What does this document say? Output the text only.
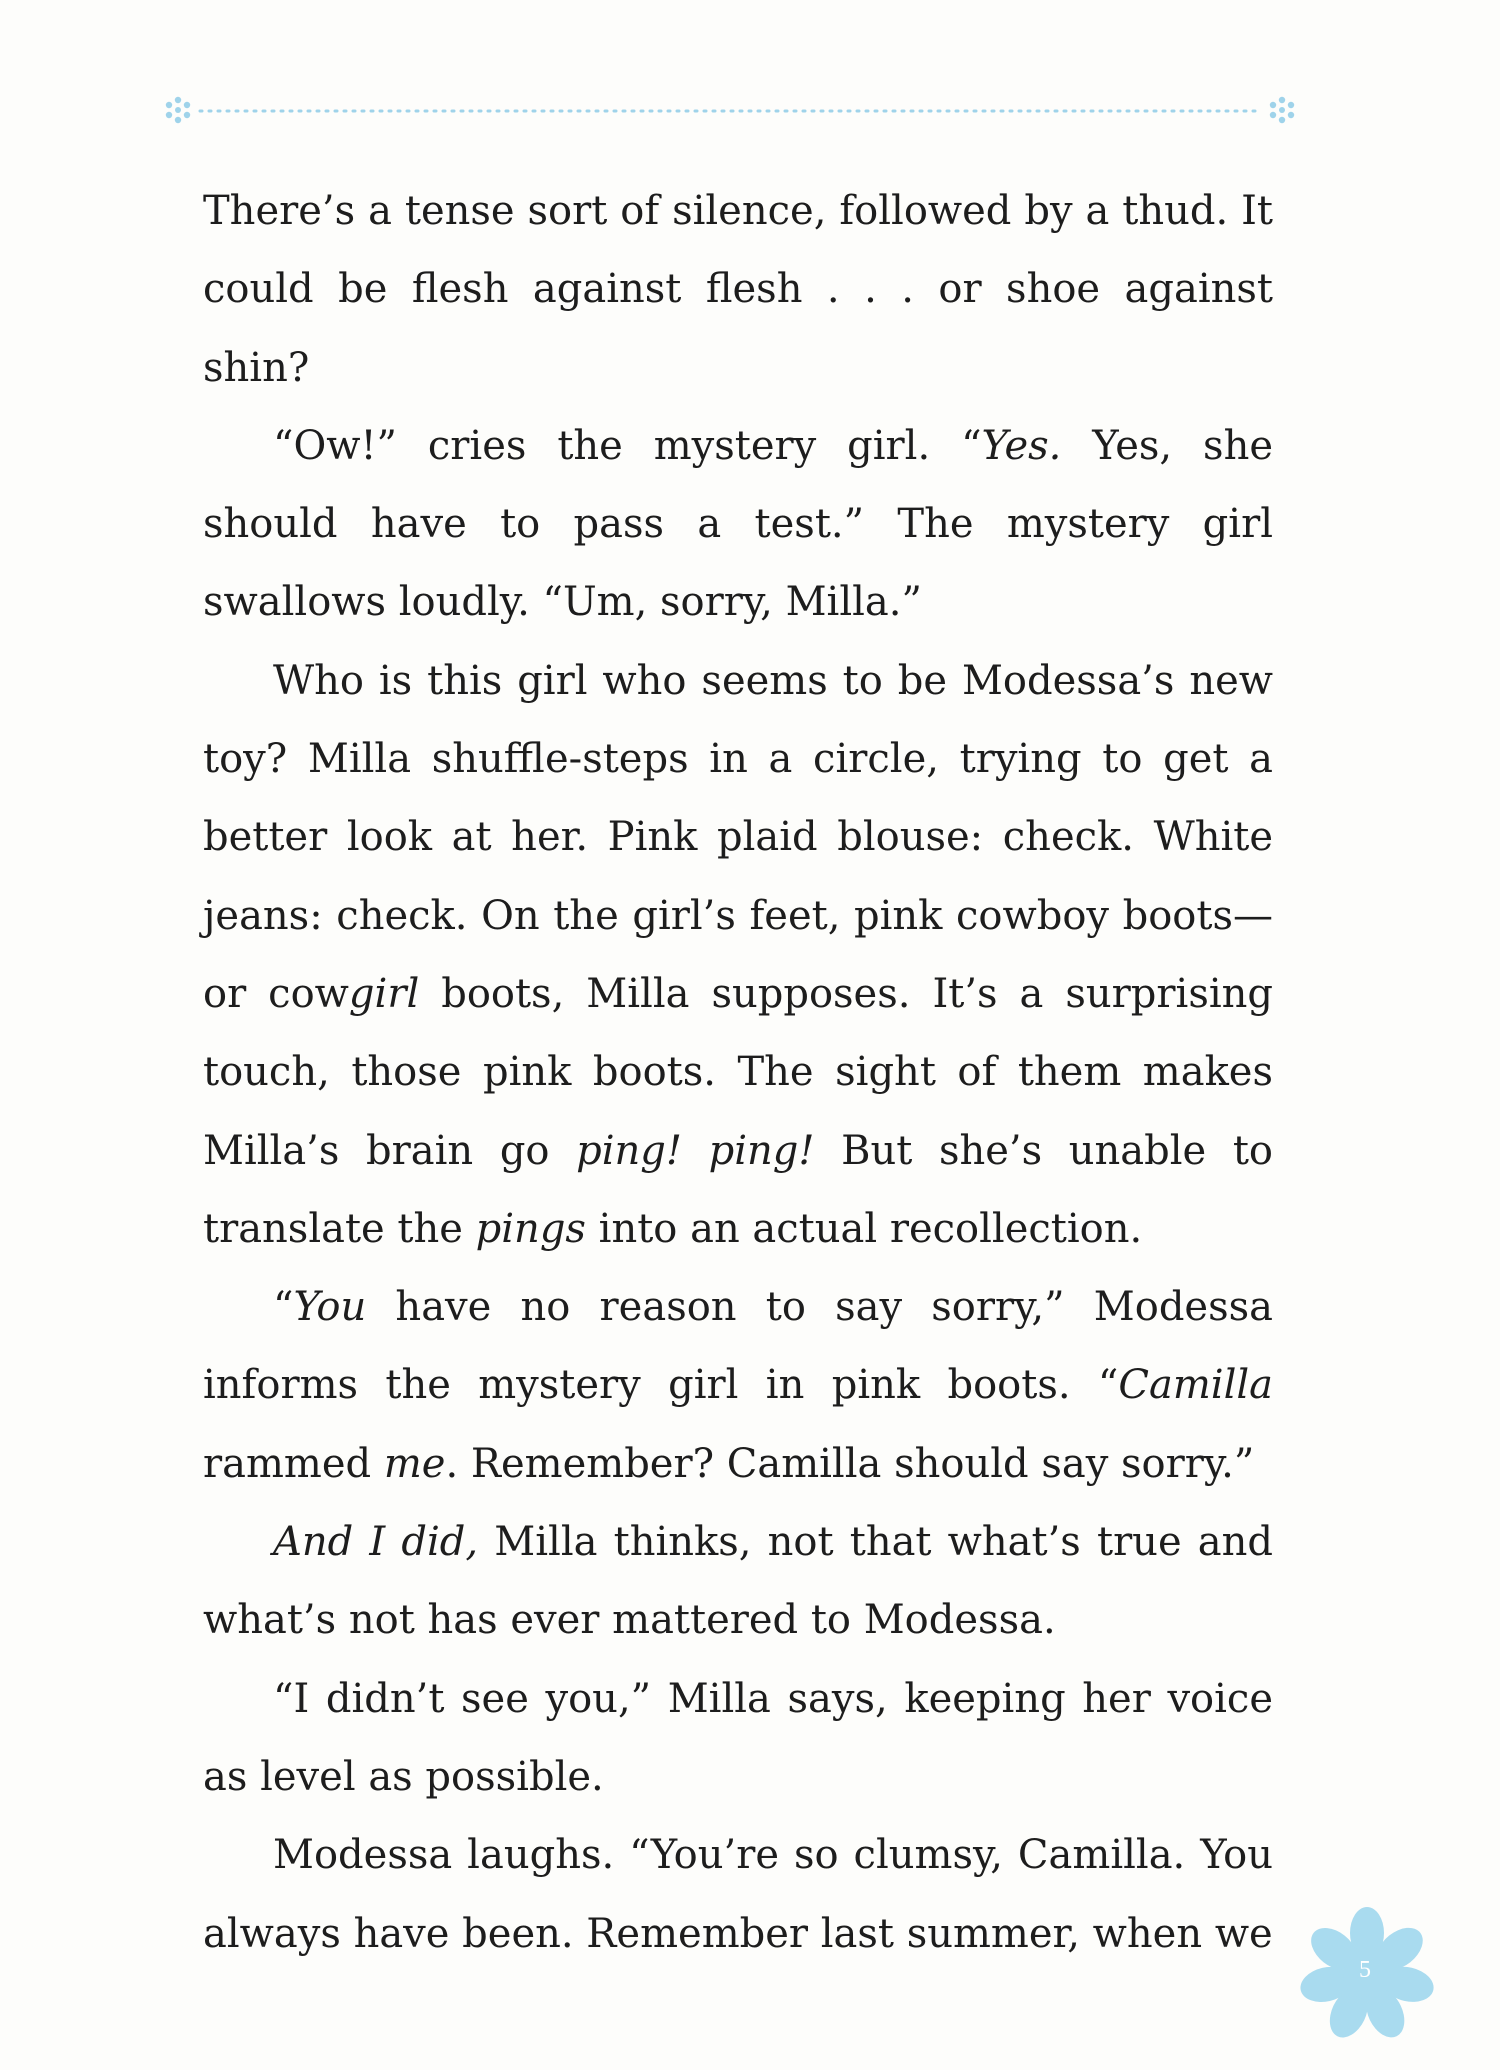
There’s a tense sort of silence, followed by a thud. It could be flesh against flesh . . . or shoe against shin?

“Ow!” cries the mystery girl. “Yes. Yes, she should have to pass a test.” The mystery girl swallows loudly. “Um, sorry, Milla.”

Who is this girl who seems to be Modessa’s new toy? Milla shuffle-steps in a circle, trying to get a better look at her. Pink plaid blouse: check. White jeans: check. On the girl’s feet, pink cowboy boots—or cowgirl boots, Milla supposes. It’s a surprising touch, those pink boots. The sight of them makes Milla’s brain go ping! ping! But she’s unable to translate the pings into an actual recollection.

“You have no reason to say sorry,” Modessa informs the mystery girl in pink boots. “Camilla rammed me. Remember? Camilla should say sorry.”

And I did, Milla thinks, not that what’s true and what’s not has ever mattered to Modessa.

“I didn’t see you,” Milla says, keeping her voice as level as possible.

Modessa laughs. “You’re so clumsy, Camilla. You always have been. Remember last summer, when we

5
